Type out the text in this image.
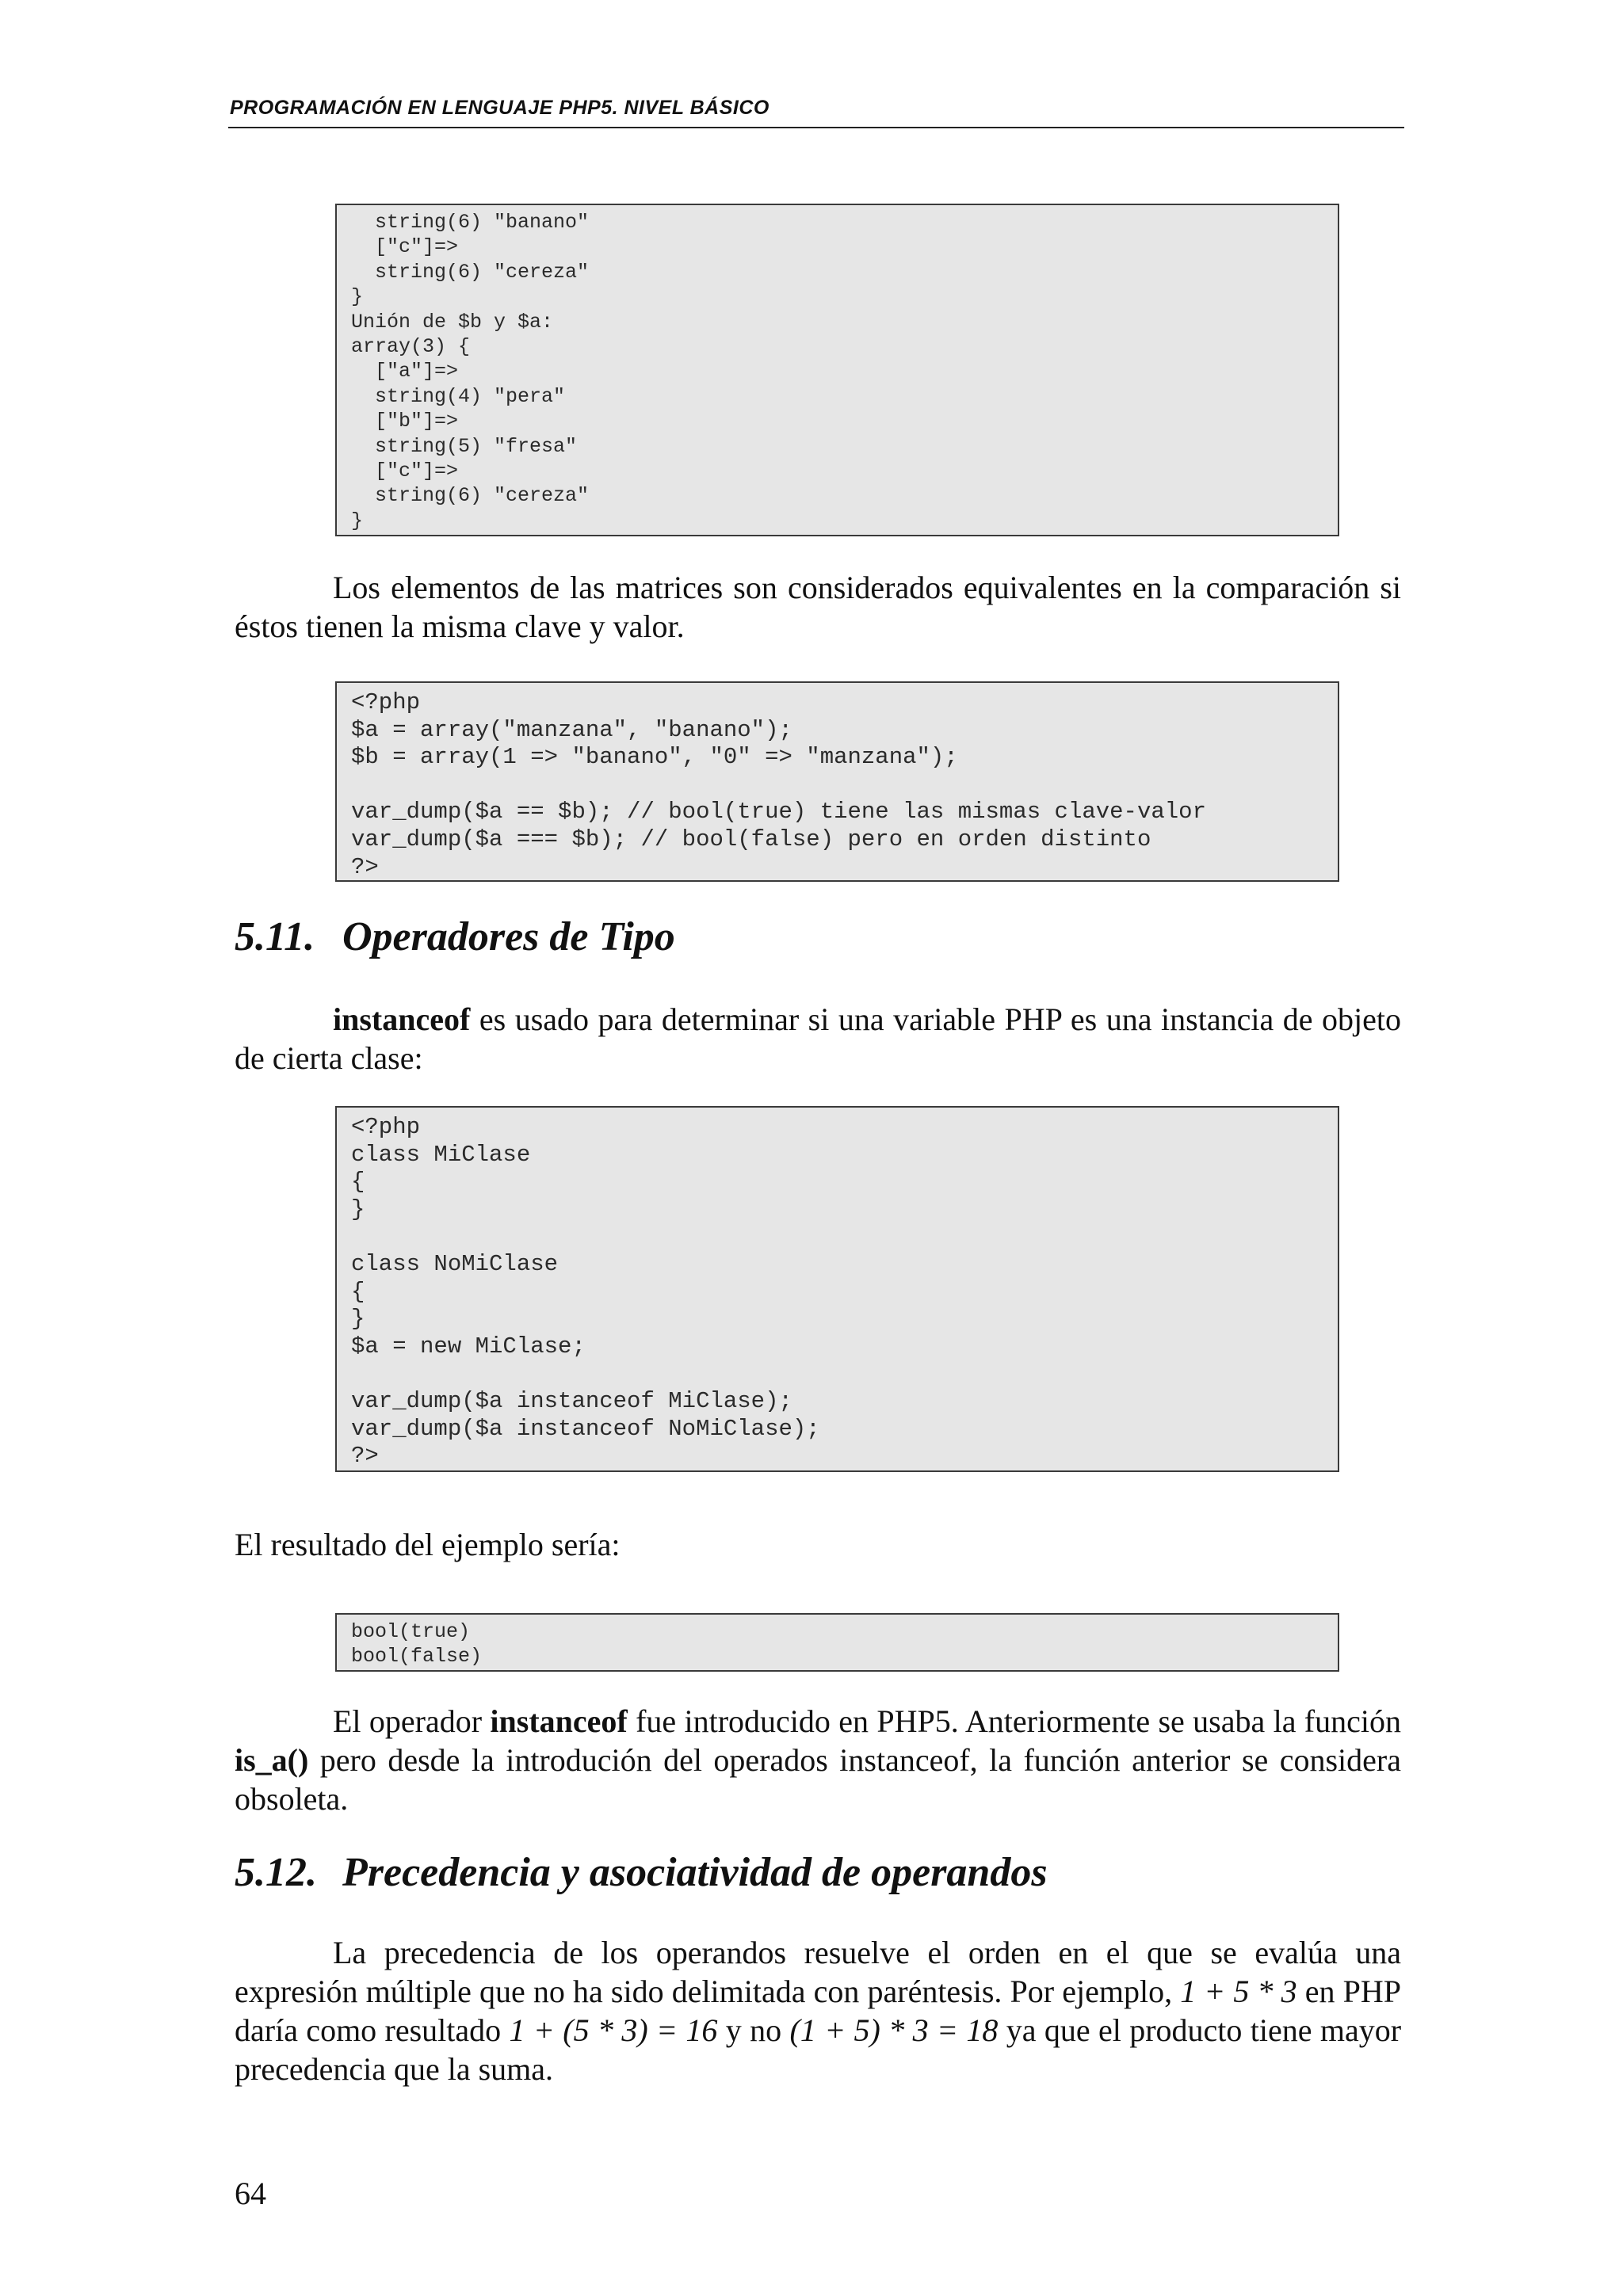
PROGRAMACIÓN EN LENGUAJE PHP5. NIVEL BÁSICO
string(6) "banano"
["c"]=>
string(6) "cereza"
}
Unión de $b y $a:
array(3) {
["a"]=>
string(4) "pera"
["b"]=>
string(5) "fresa"
["c"]=>
string(6) "cereza"
}

Los elementos de las matrices son considerados equivalentes en la comparación si éstos tienen la misma clave y valor.

<?php
$a = array("manzana", "banano");
$b = array(1 => "banano", "0" => "manzana");

var_dump($a == $b); // bool(true) tiene las mismas clave-valor
var_dump($a === $b); // bool(false) pero en orden distinto
?>
5.11. Operadores de Tipo

instanceof es usado para determinar si una variable PHP es una instancia de objeto de cierta clase:

<?php
class MiClase
{
}

class NoMiClase
{
}
$a = new MiClase;

var_dump($a instanceof MiClase);
var_dump($a instanceof NoMiClase);
?>

El resultado del ejemplo sería:

bool(true)
bool(false)

El operador instanceof fue introducido en PHP5. Anteriormente se usaba la función is_a() pero desde la introdución del operados instanceof, la función anterior se considera obsoleta.

5.12. Precedencia y asociatividad de operandos

La precedencia de los operandos resuelve el orden en el que se evalúa una expresión múltiple que no ha sido delimitada con paréntesis. Por ejemplo, 1 + 5 * 3 en PHP daría como resultado 1 + (5 * 3) = 16 y no (1 + 5) * 3 = 18 ya que el producto tiene mayor precedencia que la suma.

64
